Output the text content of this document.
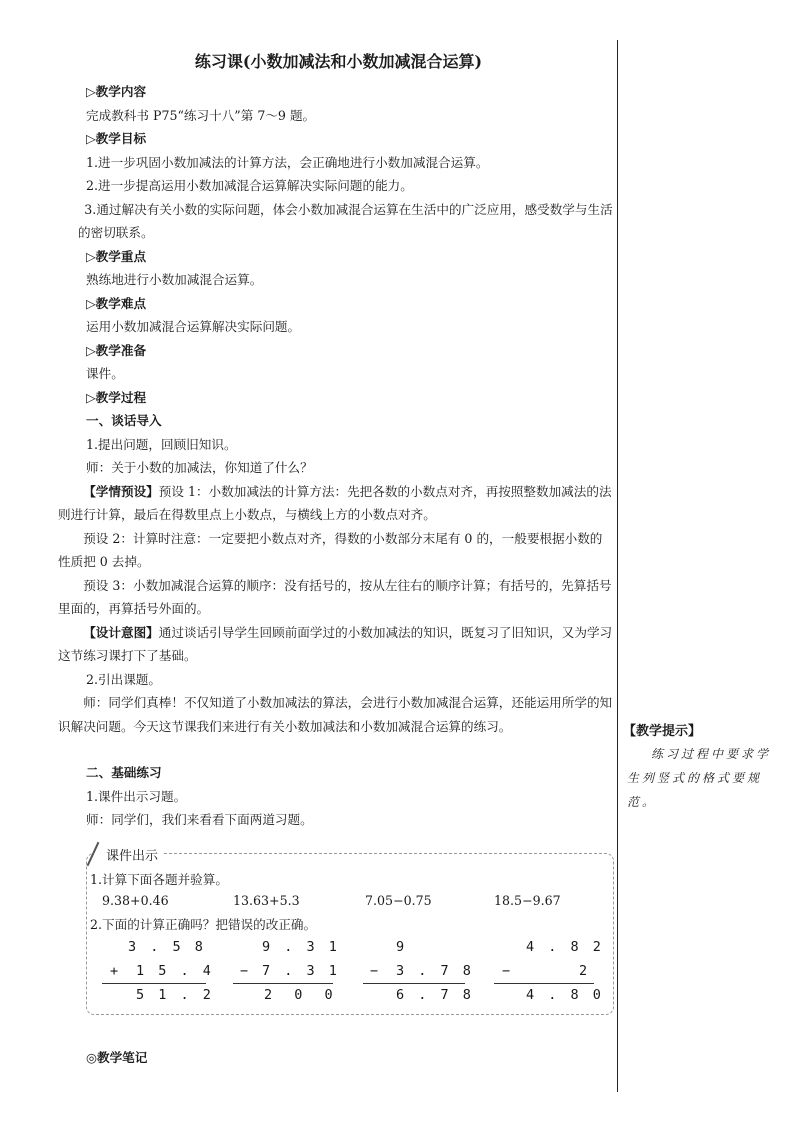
练习课(小数加减法和小数加减混合运算)

▷教学内容

完成教科书 P75“练习十八”第 7～9 题。

▷教学目标

1.进一步巩固小数加减法的计算方法，会正确地进行小数加减混合运算。

2.进一步提高运用小数加减混合运算解决实际问题的能力。

3.通过解决有关小数的实际问题，体会小数加减混合运算在生活中的广泛应用，感受数学与生活的密切联系。

▷教学重点

熟练地进行小数加减混合运算。

▷教学难点

运用小数加减混合运算解决实际问题。

▷教学准备

课件。

▷教学过程

一、谈话导入

1.提出问题，回顾旧知识。

师：关于小数的加减法，你知道了什么？

【学情预设】预设 1：小数加减法的计算方法：先把各数的小数点对齐，再按照整数加减法的法则进行计算，最后在得数里点上小数点，与横线上方的小数点对齐。

预设 2：计算时注意：一定要把小数点对齐，得数的小数部分末尾有 0 的，一般要根据小数的性质把 0 去掉。

预设 3：小数加减混合运算的顺序：没有括号的，按从左往右的顺序计算；有括号的，先算括号里面的，再算括号外面的。

【设计意图】通过谈话引导学生回顾前面学过的小数加减法的知识，既复习了旧知识，又为学习这节练习课打下了基础。

2.引出课题。

师：同学们真棒！不仅知道了小数加减法的算法，会进行小数加减混合运算，还能运用所学的知识解决问题。今天这节课我们来进行有关小数加减法和小数加减混合运算的练习。

二、基础练习

1.课件出示习题。

师：同学们，我们来看看下面两道习题。

【教学提示】
练习过程中要求学生列竖式的格式要规范。
课件出示
1.计算下面各题并验算。
9.38+0.46	13.63+5.3	7.05−0.75	18.5−9.67
2.下面的计算正确吗？把错误的改正确。
3 . 5 8
+ 1 5 . 4
5 1 . 2
9 . 3 1
− 7 . 3 1
2 0 0
9
− 3 . 7 8
6 . 7 8
4 . 8 2
−	2
4 . 8 0
◎教学笔记
